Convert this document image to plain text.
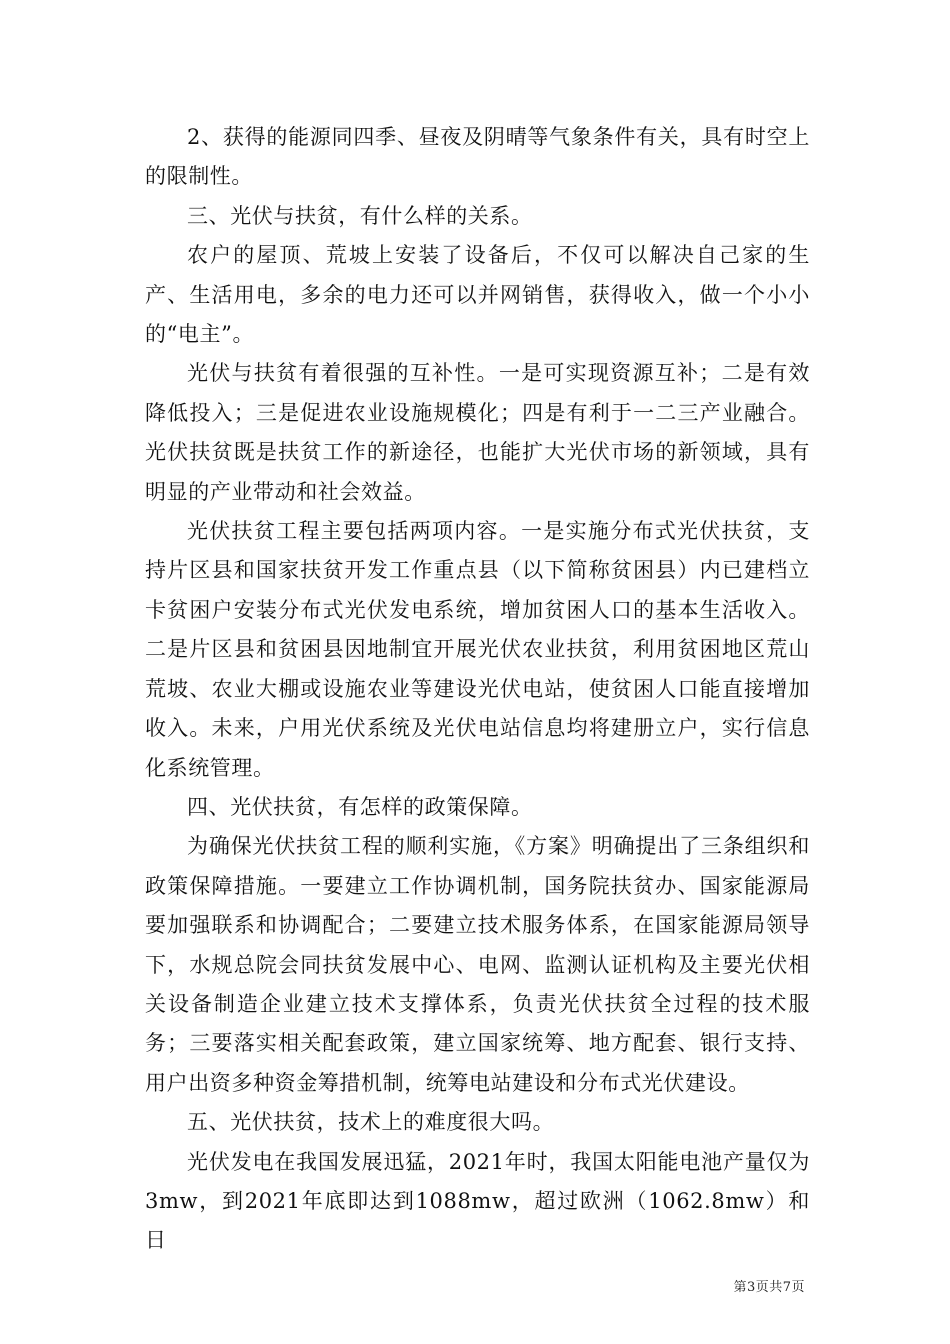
2、获得的能源同四季、昼夜及阴晴等气象条件有关，具有时空上的限制性。

三、光伏与扶贫，有什么样的关系。

农户的屋顶、荒坡上安装了设备后，不仅可以解决自己家的生产、生活用电，多余的电力还可以并网销售，获得收入，做一个小小的“电主”。

光伏与扶贫有着很强的互补性。一是可实现资源互补；二是有效降低投入；三是促进农业设施规模化；四是有利于一二三产业融合。光伏扶贫既是扶贫工作的新途径，也能扩大光伏市场的新领域，具有明显的产业带动和社会效益。

光伏扶贫工程主要包括两项内容。一是实施分布式光伏扶贫，支持片区县和国家扶贫开发工作重点县（以下简称贫困县）内已建档立卡贫困户安装分布式光伏发电系统，增加贫困人口的基本生活收入。二是片区县和贫困县因地制宜开展光伏农业扶贫，利用贫困地区荒山荒坡、农业大棚或设施农业等建设光伏电站，使贫困人口能直接增加收入。未来，户用光伏系统及光伏电站信息均将建册立户，实行信息化系统管理。

四、光伏扶贫，有怎样的政策保障。

为确保光伏扶贫工程的顺利实施，《方案》明确提出了三条组织和政策保障措施。一要建立工作协调机制，国务院扶贫办、国家能源局要加强联系和协调配合；二要建立技术服务体系，在国家能源局领导下，水规总院会同扶贫发展中心、电网、监测认证机构及主要光伏相关设备制造企业建立技术支撑体系，负责光伏扶贫全过程的技术服务；三要落实相关配套政策，建立国家统筹、地方配套、银行支持、用户出资多种资金筹措机制，统筹电站建设和分布式光伏建设。

五、光伏扶贫，技术上的难度很大吗。

光伏发电在我国发展迅猛，2021年时，我国太阳能电池产量仅为3mw，到2021年底即达到1088mw，超过欧洲（1062.8mw）和日

第3页共7页
